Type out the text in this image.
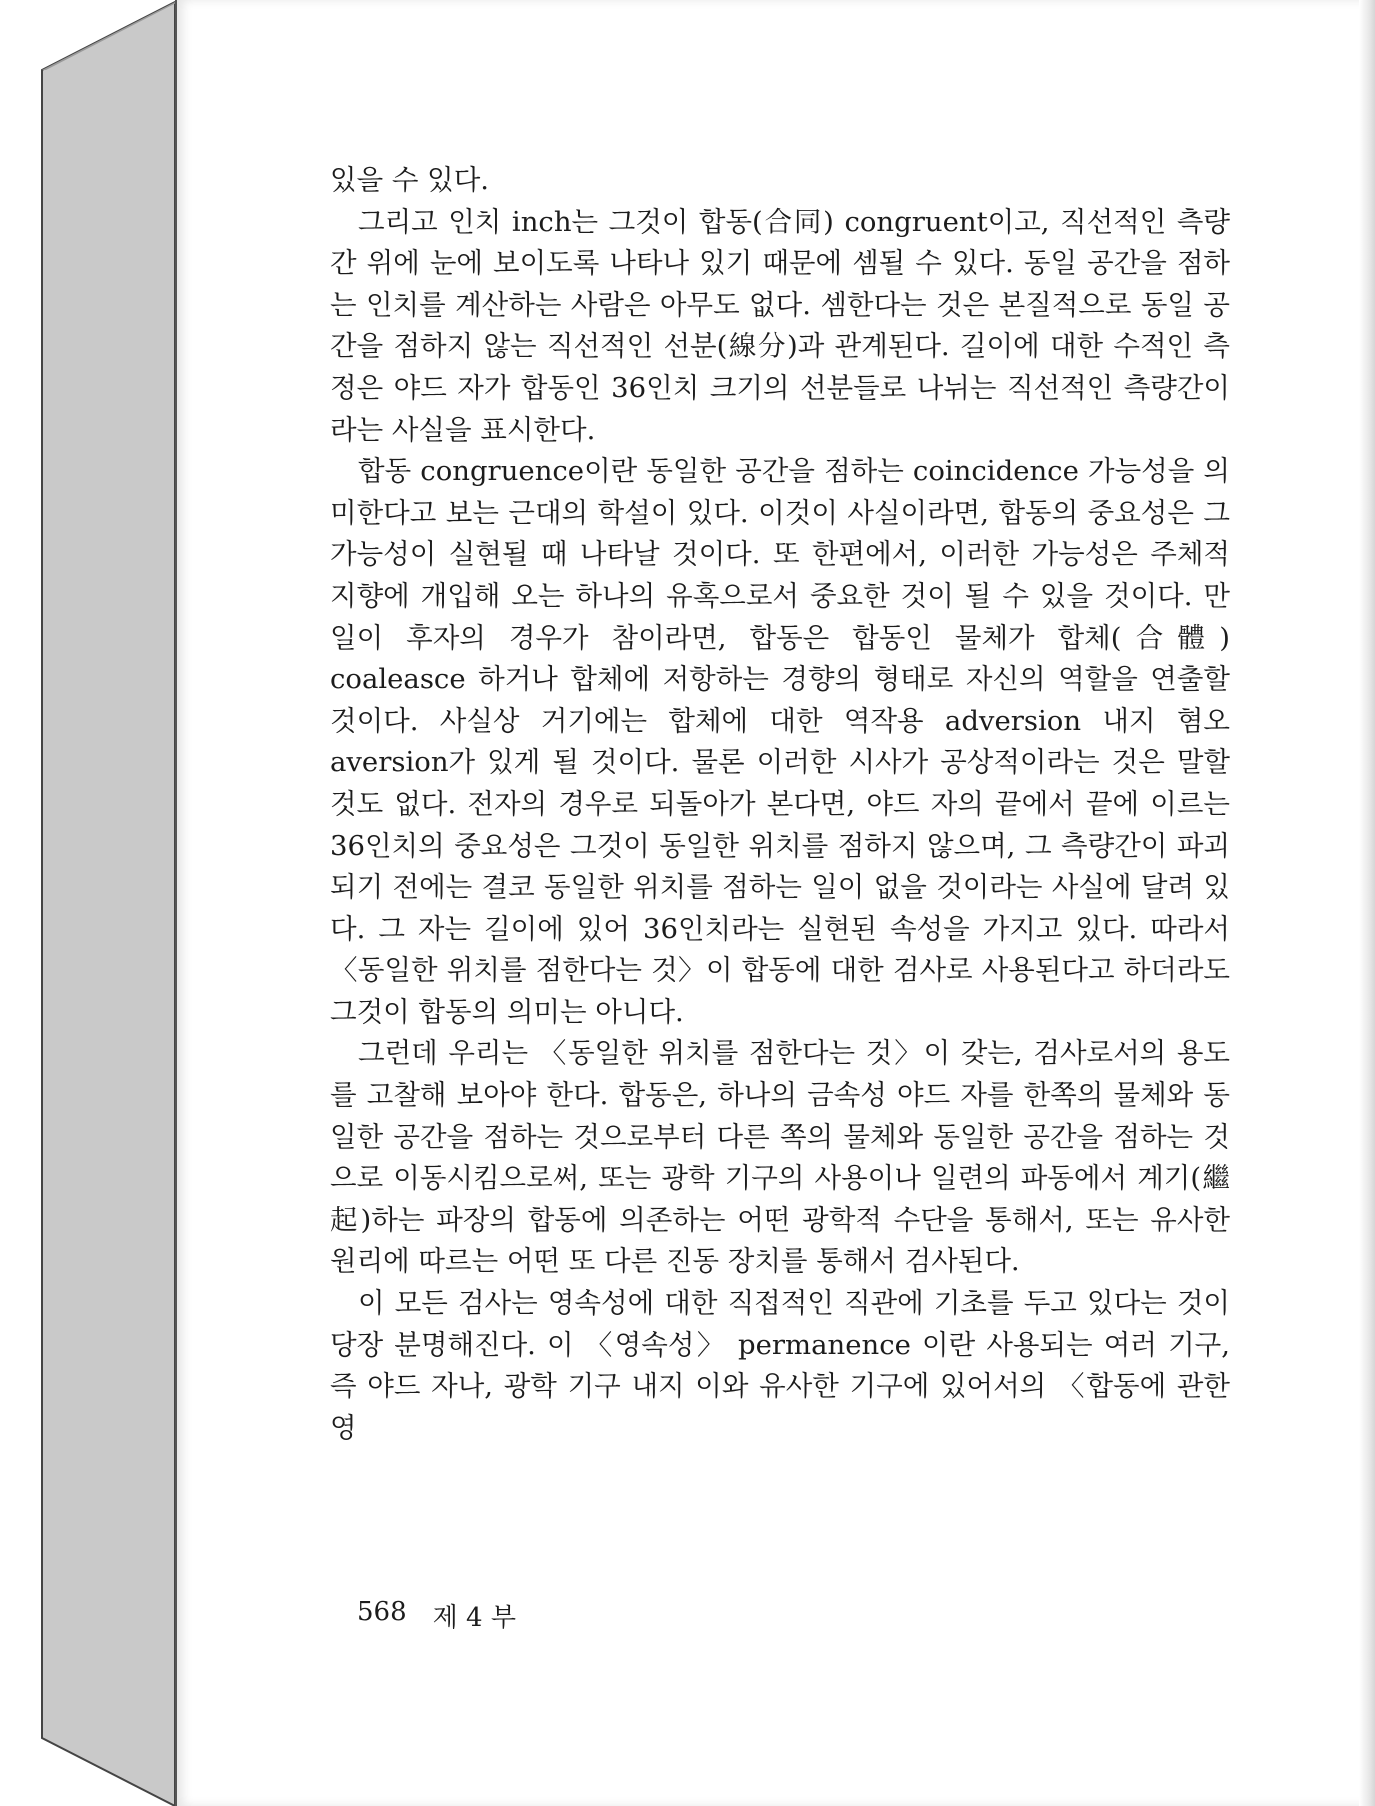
있을 수 있다.

그리고 인치 inch는 그것이 합동(合同) congruent이고, 직선적인 측량간 위에 눈에 보이도록 나타나 있기 때문에 셈될 수 있다. 동일 공간을 점하는 인치를 계산하는 사람은 아무도 없다. 셈한다는 것은 본질적으로 동일 공간을 점하지 않는 직선적인 선분(線分)과 관계된다. 길이에 대한 수적인 측정은 야드 자가 합동인 36인치 크기의 선분들로 나뉘는 직선적인 측량간이라는 사실을 표시한다.

합동 congruence이란 동일한 공간을 점하는 coincidence 가능성을 의미한다고 보는 근대의 학설이 있다. 이것이 사실이라면, 합동의 중요성은 그 가능성이 실현될 때 나타날 것이다. 또 한편에서, 이러한 가능성은 주체적 지향에 개입해 오는 하나의 유혹으로서 중요한 것이 될 수 있을 것이다. 만일이 후자의 경우가 참이라면, 합동은 합동인 물체가 합체(合體) coaleasce 하거나 합체에 저항하는 경향의 형태로 자신의 역할을 연출할 것이다. 사실상 거기에는 합체에 대한 역작용 adversion 내지 혐오 aversion가 있게 될 것이다. 물론 이러한 시사가 공상적이라는 것은 말할 것도 없다. 전자의 경우로 되돌아가 본다면, 야드 자의 끝에서 끝에 이르는 36인치의 중요성은 그것이 동일한 위치를 점하지 않으며, 그 측량간이 파괴되기 전에는 결코 동일한 위치를 점하는 일이 없을 것이라는 사실에 달려 있다. 그 자는 길이에 있어 36인치라는 실현된 속성을 가지고 있다. 따라서 〈동일한 위치를 점한다는 것〉이 합동에 대한 검사로 사용된다고 하더라도 그것이 합동의 의미는 아니다.

그런데 우리는 〈동일한 위치를 점한다는 것〉이 갖는, 검사로서의 용도를 고찰해 보아야 한다. 합동은, 하나의 금속성 야드 자를 한쪽의 물체와 동일한 공간을 점하는 것으로부터 다른 쪽의 물체와 동일한 공간을 점하는 것으로 이동시킴으로써, 또는 광학 기구의 사용이나 일련의 파동에서 계기(繼起)하는 파장의 합동에 의존하는 어떤 광학적 수단을 통해서, 또는 유사한 원리에 따르는 어떤 또 다른 진동 장치를 통해서 검사된다.

이 모든 검사는 영속성에 대한 직접적인 직관에 기초를 두고 있다는 것이 당장 분명해진다. 이 〈영속성〉 permanence 이란 사용되는 여러 기구, 즉 야드 자나, 광학 기구 내지 이와 유사한 기구에 있어서의 〈합동에 관한 영

568 제 4 부
